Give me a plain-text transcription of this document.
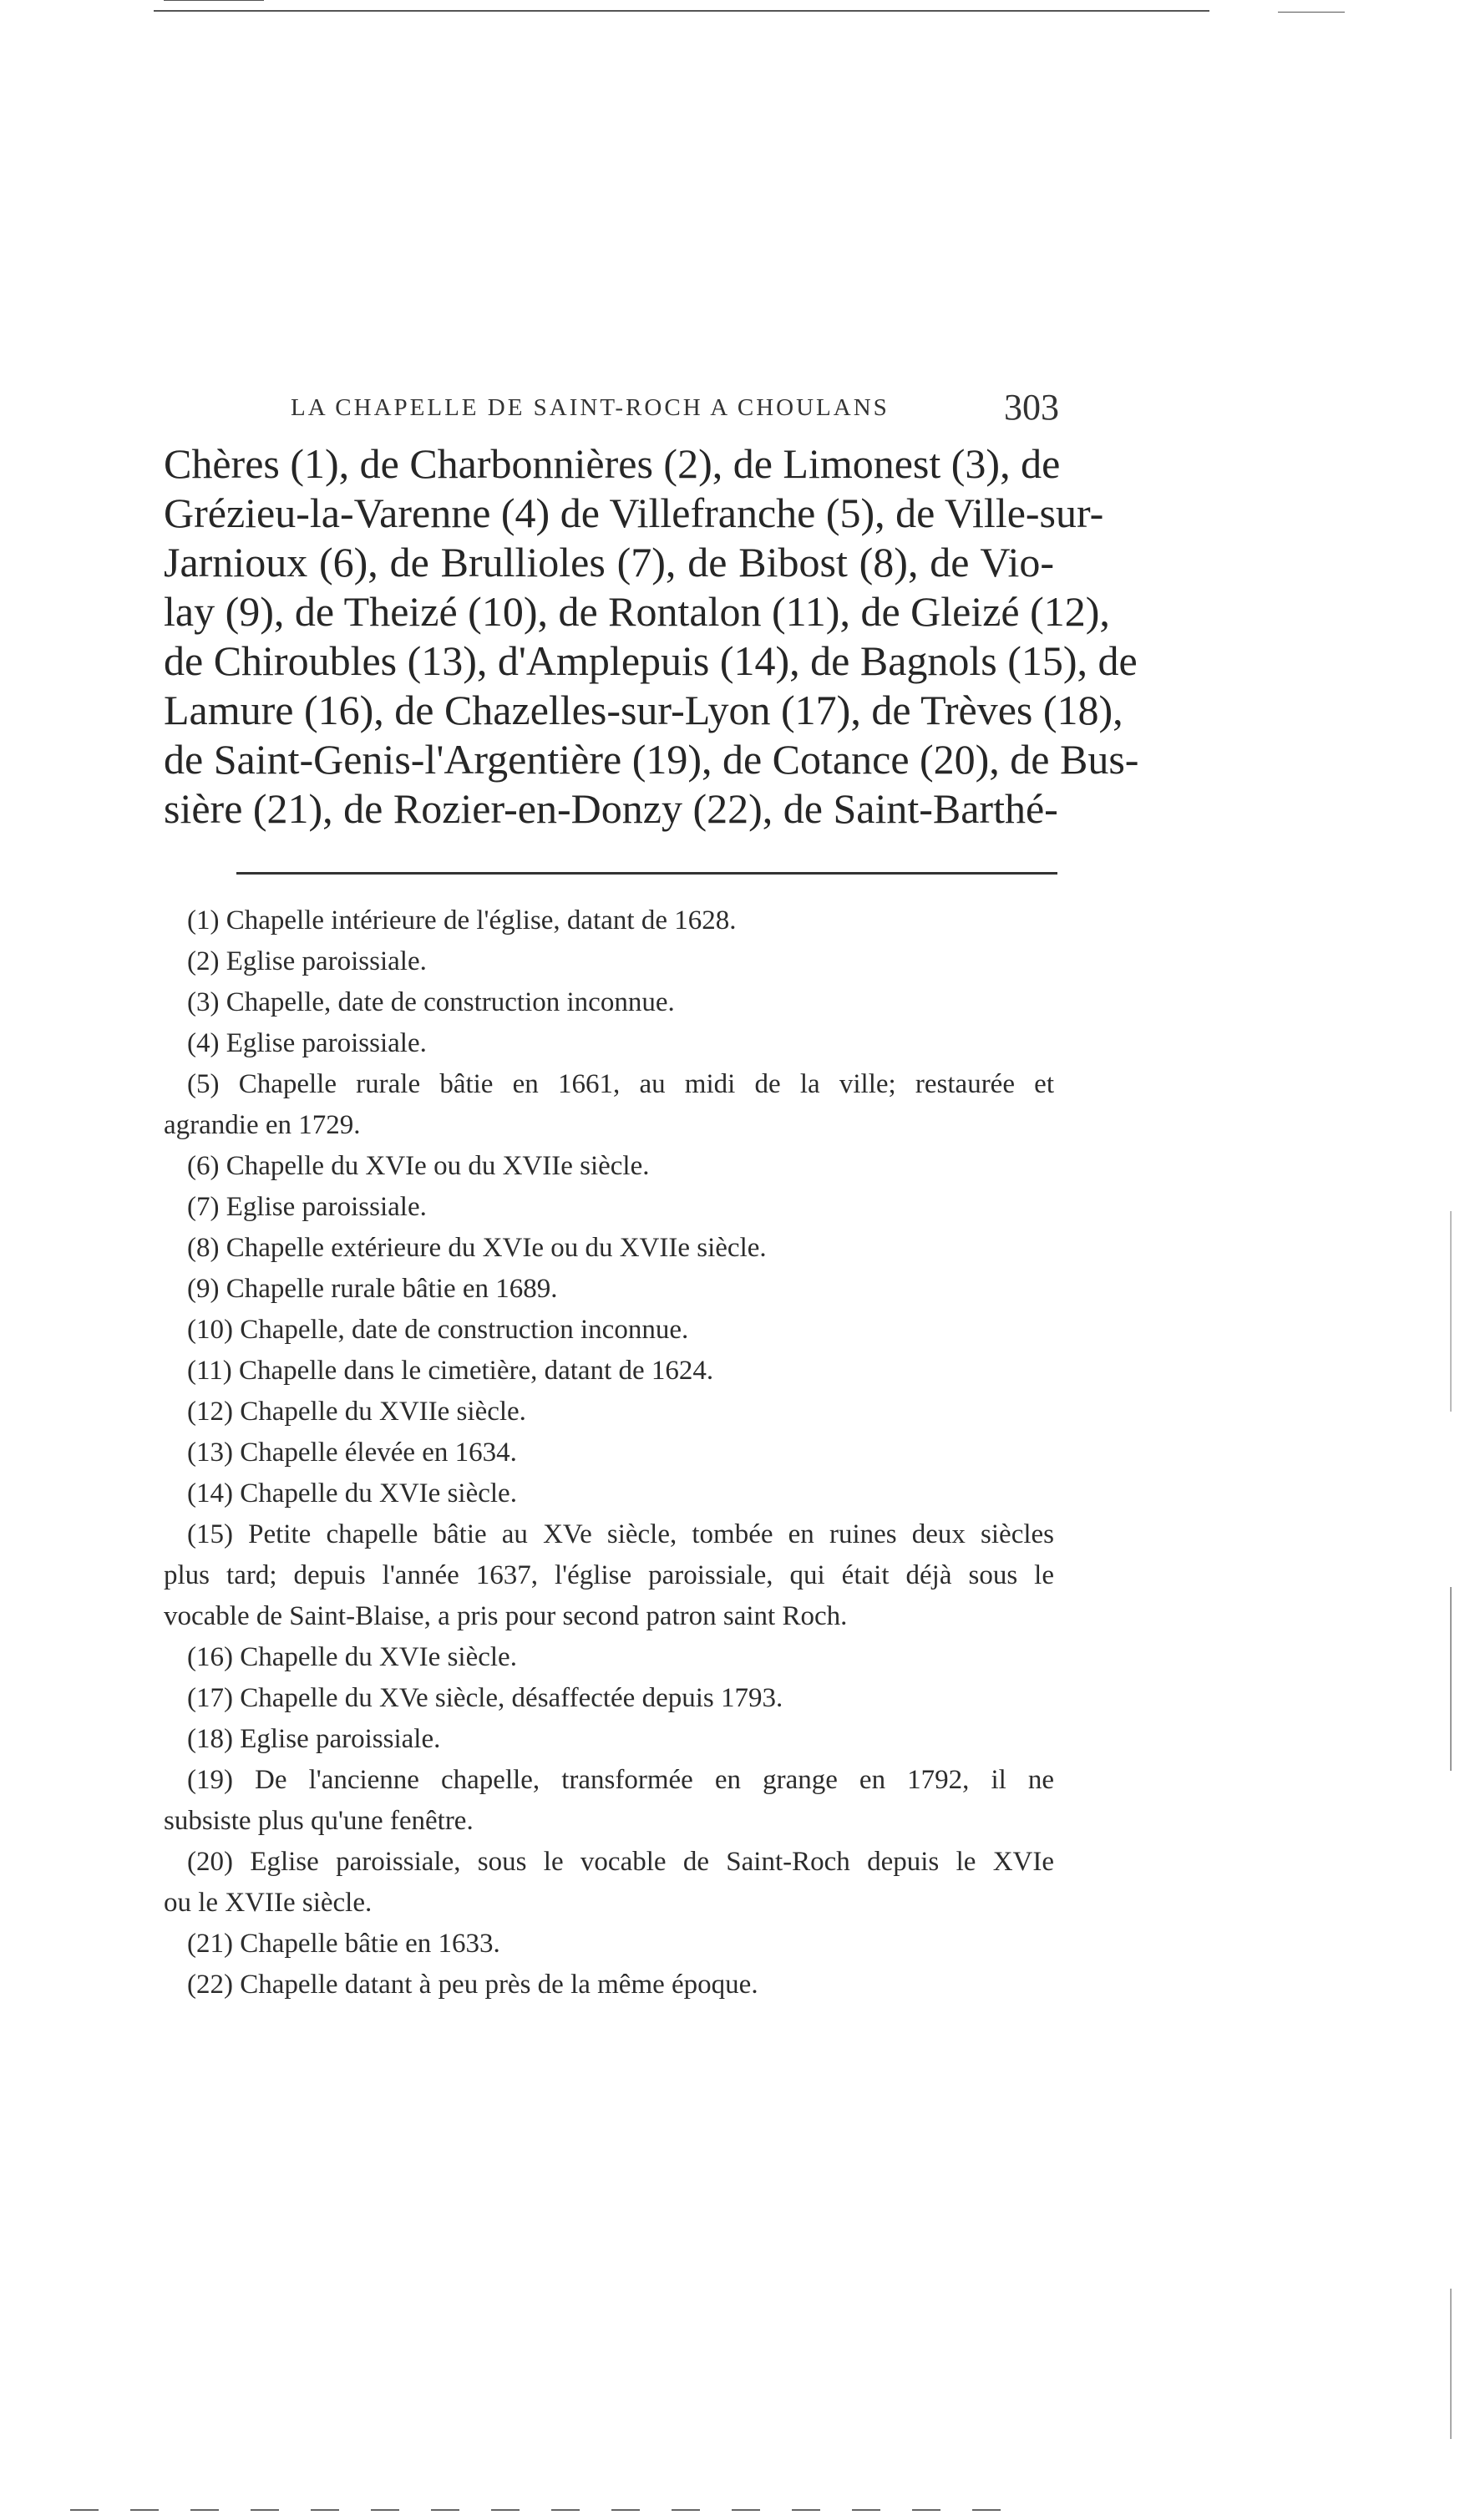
LA CHAPELLE DE SAINT-ROCH A CHOULANS	303
Chères (1), de Charbonnières (2), de Limonest (3), de
Grézieu-la-Varenne (4) de Villefranche (5), de Ville-sur-
Jarnioux (6), de Brullioles (7), de Bibost (8), de Vio-
lay (9), de Theizé (10), de Rontalon (11), de Gleizé (12),
de Chiroubles (13), d'Amplepuis (14), de Bagnols (15), de
Lamure (16), de Chazelles-sur-Lyon (17), de Trèves (18),
de Saint-Genis-l'Argentière (19), de Cotance (20), de Bus-
sière (21), de Rozier-en-Donzy (22), de Saint-Barthé-
(1) Chapelle intérieure de l'église, datant de 1628.
(2) Eglise paroissiale.
(3) Chapelle, date de construction inconnue.
(4) Eglise paroissiale.
(5) Chapelle rurale bâtie en 1661, au midi de la ville; restaurée et
agrandie en 1729.
(6) Chapelle du XVIe ou du XVIIe siècle.
(7) Eglise paroissiale.
(8) Chapelle extérieure du XVIe ou du XVIIe siècle.
(9) Chapelle rurale bâtie en 1689.
(10) Chapelle, date de construction inconnue.
(11) Chapelle dans le cimetière, datant de 1624.
(12) Chapelle du XVIIe siècle.
(13) Chapelle élevée en 1634.
(14) Chapelle du XVIe siècle.
(15) Petite chapelle bâtie au XVe siècle, tombée en ruines deux siècles
plus tard; depuis l'année 1637, l'église paroissiale, qui était déjà sous le
vocable de Saint-Blaise, a pris pour second patron saint Roch.
(16) Chapelle du XVIe siècle.
(17) Chapelle du XVe siècle, désaffectée depuis 1793.
(18) Eglise paroissiale.
(19) De l'ancienne chapelle, transformée en grange en 1792, il ne
subsiste plus qu'une fenêtre.
(20) Eglise paroissiale, sous le vocable de Saint-Roch depuis le XVIe
ou le XVIIe siècle.
(21) Chapelle bâtie en 1633.
(22) Chapelle datant à peu près de la même époque.
